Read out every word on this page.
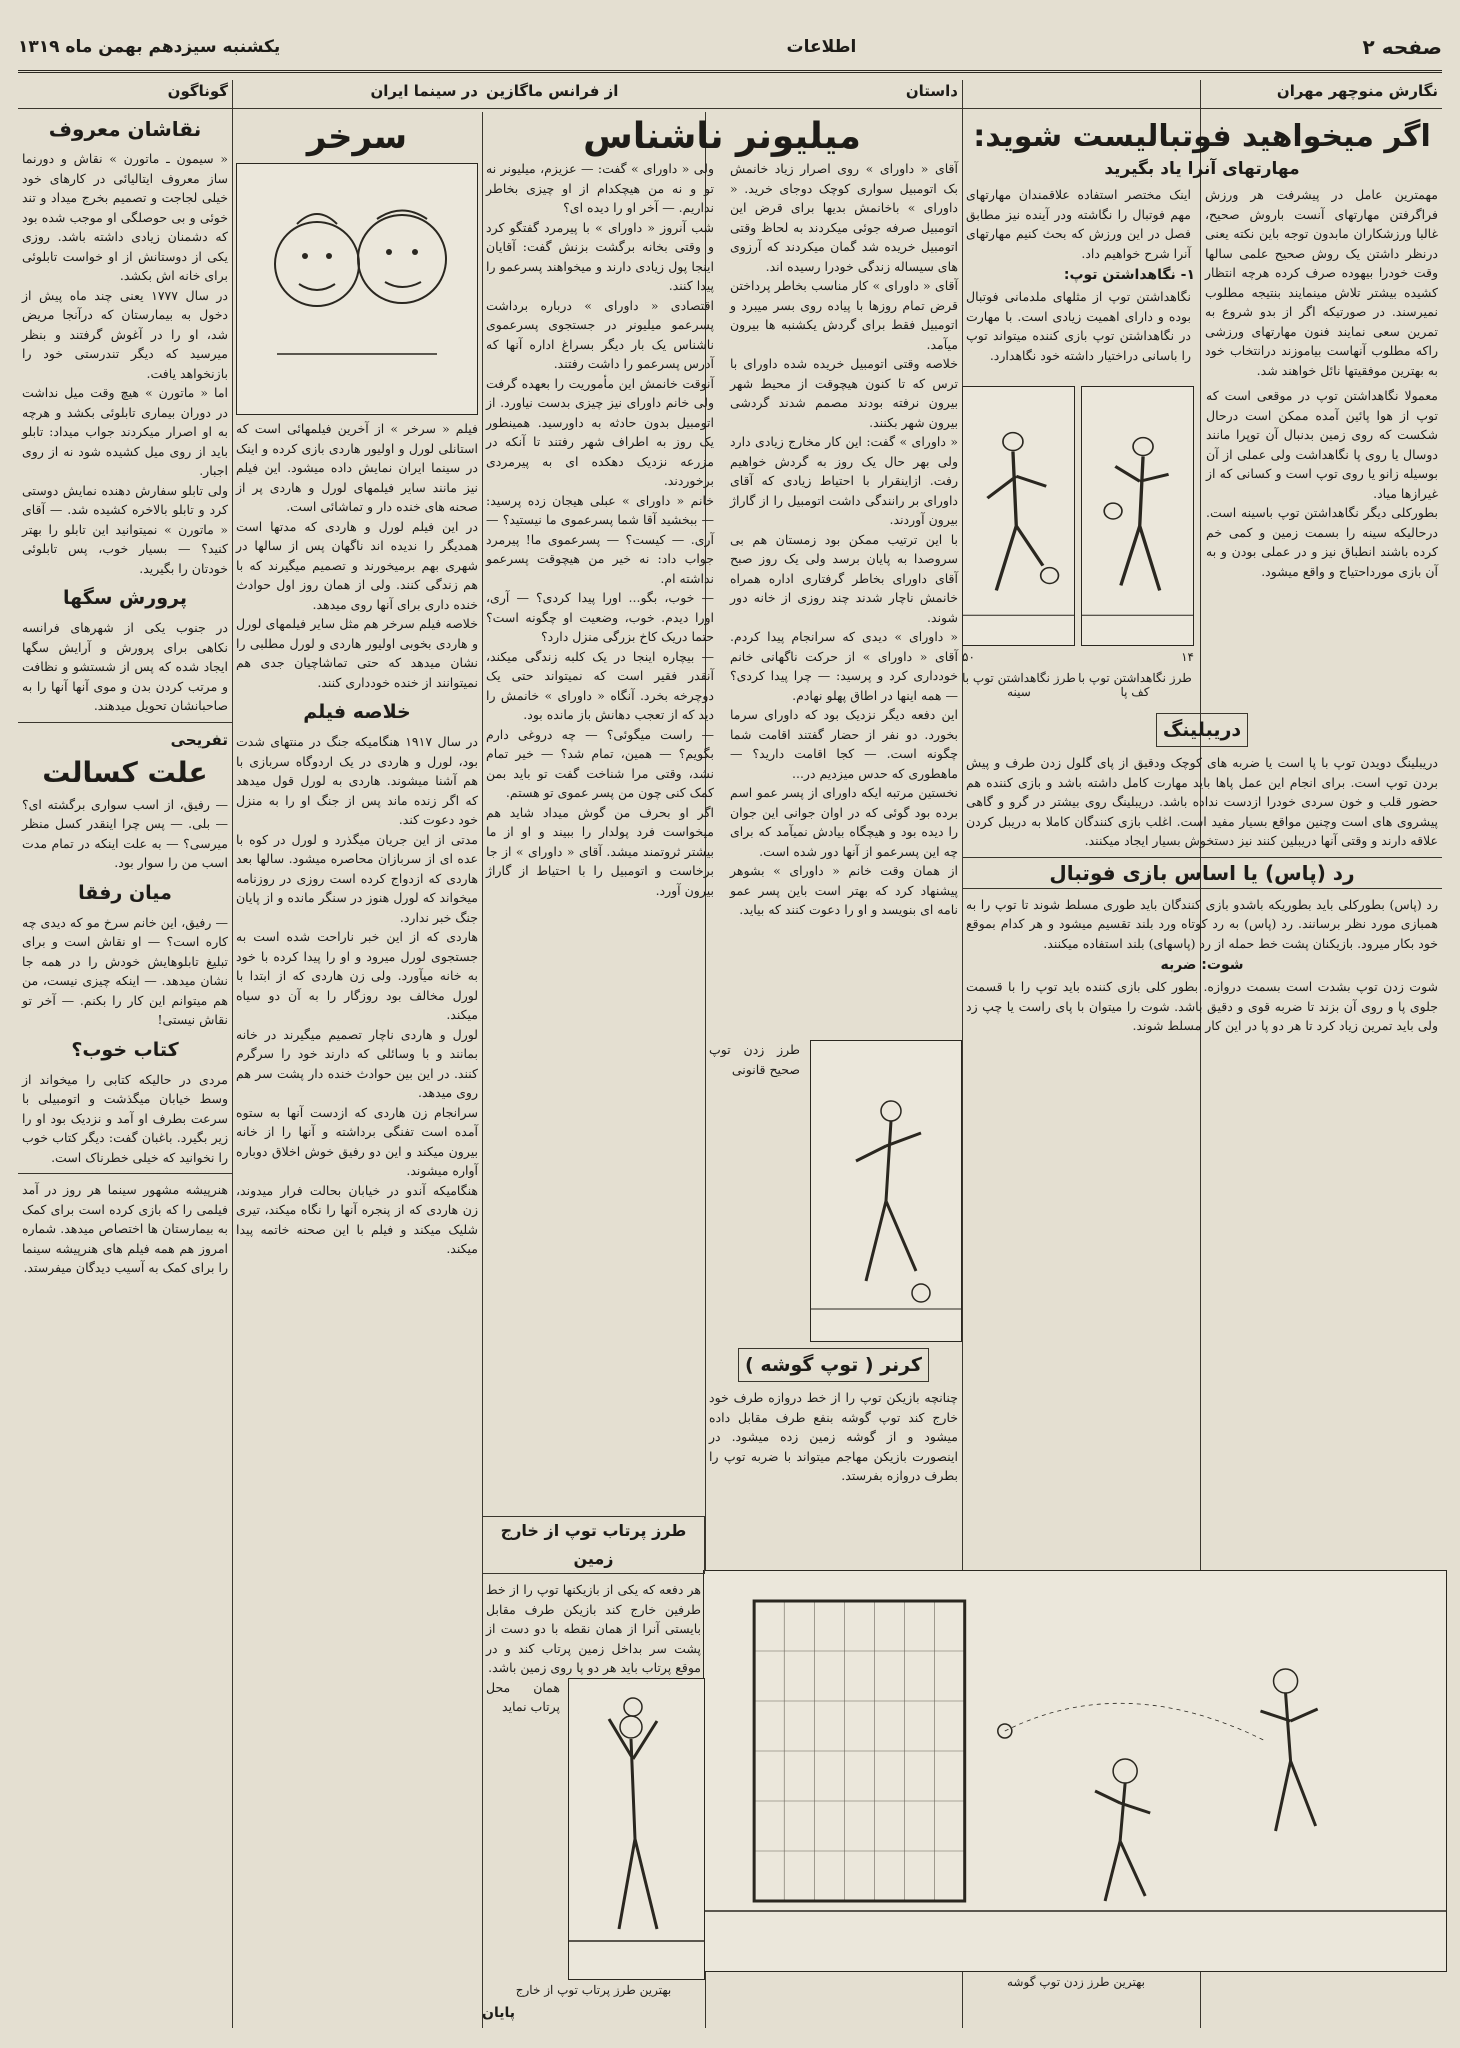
صفحه ۲
اطلاعات
یکشنبه سیزدهم بهمن ماه ۱۳۱۹
نگارش منوچهر مهران
اگر میخواهید فوتبالیست شوید:
مهارتهای آنرا یاد بگیرید
مهمترین عامل در پیشرفت هر ورزش فراگرفتن مهارتهای آنست باروش صحیح، غالبا ورزشکاران مابدون توجه باین نکته یعنی درنظر داشتن یک روش صحیح علمی سالها وقت خودرا بیهوده صرف کرده هرچه انتظار کشیده بیشتر تلاش مینمایند بنتیجه مطلوب نمیرسند. در صورتیکه اگر از بدو شروع به تمرین سعی نمایند فنون مهارتهای ورزشی راکه مطلوب آنهاست بیاموزند درانتخاب خود به بهترین موفقیتها نائل خواهند شد.
اینک مختصر استفاده علاقمندان مهارتهای مهم فوتبال را نگاشته ودر آینده نیز مطابق فصل در این ورزش که بحث کنیم مهارتهای آنرا شرح خواهیم داد.
۱- نگاهداشتن توپ:
نگاهداشتن توپ از مثلهای ملدمانی فوتبال بوده و دارای اهمیت زیادی است. با مهارت در نگاهداشتن توپ بازی کننده میتواند توپ را باسانی دراختیار داشته خود نگاهدارد.
معمولا نگاهداشتن توپ در موقعی است که توپ از هوا پائین آمده ممکن است درحال شکست که روی زمین بدنبال آن توپرا مانند دوسال یا روی پا نگاهداشت ولی عملی از آن بوسیله زانو یا روی توپ است و کسانی که از غیرازها میاد.
بطورکلی دیگر نگاهداشتن توپ باسینه است. درحالیکه سینه را بسمت زمین و کمی خم کرده باشند انطباق نیز و در عملی بودن و به آن بازی مورداحتیاج و واقع میشود.
۱۴
۵۰
طرز نگاهداشتن توپ با کف پا
طرز نگاهداشتن توپ با سینه
دریبلینگ
دریبلینگ دویدن توپ با پا است یا ضربه های کوچک ودقیق از پای گلول زدن طرف و پیش بردن توپ است. برای انجام این عمل پاها باید مهارت کامل داشته باشد و بازی کننده هم حضور قلب و خون سردی خودرا ازدست نداده باشد. دریبلینگ روی بیشتر در گرو و گاهی پیشروی های است وچنین مواقع بسیار مفید است. اغلب بازی کنندگان کاملا به دریبل کردن علاقه دارند و وقتی آنها دریبلین کنند نیز دستخوش بسیار ایجاد میکنند.
رد (پاس) یا اساس بازی فوتبال
رد (پاس) بطورکلی باید بطوریکه باشدو بازی کنندگان باید طوری مسلط شوند تا توپ را به همبازی مورد نظر برسانند. رد (پاس) به رد کوتاه ورد بلند تقسیم میشود و هر کدام بموقع خود بکار میرود. بازیکنان پشت خط حمله از رد (پاسهای) بلند استفاده میکنند.
شوت: ضربه
شوت زدن توپ بشدت است بسمت دروازه. بطور کلی بازی کننده باید توپ را با قسمت جلوی پا و روی آن بزند تا ضربه قوی و دقیق باشد. شوت را میتوان با پای راست یا چپ زد ولی باید تمرین زیاد کرد تا هر دو پا در این کار مسلط شوند.
طرز زدن توپ صحیح قانونی
کرنر ( توپ گوشه )
چنانچه بازیکن توپ را از خط دروازه طرف خود خارج کند توپ گوشه بنفع طرف مقابل داده میشود و از گوشه زمین زده میشود. در اینصورت بازیکن مهاجم میتواند با ضربه توپ را بطرف دروازه بفرستد.
بهترین طرز زدن توپ گوشه
داستان
از فرانس ماگازین
میلیونر ناشناس
آقای « داورای » روی اصرار زیاد خانمش بک اتومبیل سواری کوچک دوجای خرید. « داورای » باخانمش بدیها برای قرض این اتومبیل صرفه جوئی میکردند به لحاظ وقتی اتومبیل خریده شد گمان میکردند که آرزوی های سیساله زندگی خودرا رسیده اند.
آقای « داورای » کار مناسب بخاطر پرداختن قرض تمام روزها با پیاده روی بسر میبرد و اتومبیل فقط برای گردش یکشنبه ها بیرون میآمد.
خلاصه وقتی اتومبیل خریده شده داورای با ترس که تا کنون هیچوقت از محیط شهر بیرون نرفته بودند مصمم شدند گردشی بیرون شهر بکنند.
« داورای » گفت: این کار مخارج زیادی دارد ولی بهر حال یک روز به گردش خواهیم رفت. ازاینقرار با احتیاط زیادی که آقای داورای بر رانندگی داشت اتومبیل را از گاراژ بیرون آوردند.
با این ترتیب ممکن بود زمستان هم بی سروصدا به پایان برسد ولی یک روز صبح آقای داورای بخاطر گرفتاری اداره همراه خانمش ناچار شدند چند روزی از خانه دور شوند.
« داورای » دیدی که سرانجام پیدا کردم. آقای « داورای » از حرکت ناگهانی خانم خودداری کرد و پرسید: — چرا پیدا کردی؟ — همه اینها در اطاق پهلو نهادم.
این دفعه دیگر نزدیک بود که داورای سرما بخورد. دو نفر از حضار گفتند اقامت شما چگونه است. — کجا اقامت دارید؟ — ماهطوری که حدس میزدیم در...
نخستین مرتبه ایکه داورای از پسر عمو اسم برده بود گوئی که در اوان جوانی این جوان را دیده بود و هیچگاه بیادش نمیآمد که برای چه این پسرعمو از آنها دور شده است.
از همان وقت خانم « داورای » بشوهر پیشنهاد کرد که بهتر است باین پسر عمو نامه ای بنویسد و او را دعوت کنند که بیاید.
ولی « داورای » گفت: — عزیزم، میلیونر نه تو و نه من هیچکدام از او چیزی بخاطر نداریم. — آخر او را دیده ای؟
شب آنروز « داورای » با پیرمرد گفتگو کرد و وقتی بخانه برگشت بزنش گفت: آقایان اینجا پول زیادی دارند و میخواهند پسرعمو را پیدا کنند.
اقتصادی « داورای » درباره برداشت پسرعمو میلیونر در جستجوی پسرعموی ناشناس یک بار دیگر بسراغ اداره آنها که آدرس پسرعمو را داشت رفتند.
آنوقت خانمش این مأموریت را بعهده گرفت ولی خانم داورای نیز چیزی بدست نیاورد. از اتومبیل بدون حادثه به داورسید. همینطور یک روز به اطراف شهر رفتند تا آنکه در مزرعه نزدیک دهکده ای به پیرمردی برخوردند.
خانم « داورای » عبلی هیجان زده پرسید: — ببخشید آقا شما پسرعموی ما نیستید؟ — آری. — کیست؟ — پسرعموی ما! پیرمرد جواب داد: نه خیر من هیچوقت پسرعمو نداشته ام.
— خوب، بگو... اورا پیدا کردی؟ — آری، اورا دیدم. خوب، وضعیت او چگونه است؟ حتما دریک کاخ بزرگی منزل دارد؟
— بیچاره اینجا در یک کلبه زندگی میکند، آنقدر فقیر است که نمیتواند حتی یک دوچرخه بخرد. آنگاه « داورای » خانمش را دید که از تعجب دهانش باز مانده بود.
— راست میگوئی؟ — چه دروغی دارم بگویم؟ — همین، تمام شد؟ — خیر تمام نشد، وقتی مرا شناخت گفت تو باید بمن کمک کنی چون من پسر عموی تو هستم.
اگر او بحرف من گوش میداد شاید هم میخواست فرد پولدار را ببیند و او از ما بیشتر ثروتمند میشد. آقای « داورای » از جا برخاست و اتومبیل را با احتیاط از گاراژ بیرون آورد.
طرز پرتاب توپ از خارج زمین
هر دفعه که یکی از بازیکنها توپ را از خط طرفین خارج کند بازیکن طرف مقابل بایستی آنرا از همان نقطه با دو دست از پشت سر بداخل زمین پرتاب کند و در موقع پرتاب باید هر دو پا روی زمین باشد.
همان محل پرتاب نماید
بهترین طرز پرتاب توپ از خارج
پایان
در سینما ایران
سرخر
فیلم « سرخر » از آخرین فیلمهائی است که استانلی لورل و اولیور هاردی بازی کرده و اینک در سینما ایران نمایش داده میشود. این فیلم نیز مانند سایر فیلمهای لورل و هاردی پر از صحنه های خنده دار و تماشائی است.
در این فیلم لورل و هاردی که مدتها است همدیگر را ندیده اند ناگهان پس از سالها در شهری بهم برمیخورند و تصمیم میگیرند که با هم زندگی کنند. ولی از همان روز اول حوادث خنده داری برای آنها روی میدهد.
خلاصه فیلم سرخر هم مثل سایر فیلمهای لورل و هاردی بخوبی اولیور هاردی و لورل مطلبی را نشان میدهد که حتی تماشاچیان جدی هم نمیتوانند از خنده خودداری کنند.
خلاصه فیلم
در سال ۱۹۱۷ هنگامیکه جنگ در منتهای شدت بود، لورل و هاردی در یک اردوگاه سربازی با هم آشنا میشوند. هاردی به لورل قول میدهد که اگر زنده ماند پس از جنگ او را به منزل خود دعوت کند.
مدتی از این جریان میگذرد و لورل در کوه با عده ای از سربازان محاصره میشود. سالها بعد هاردی که ازدواج کرده است روزی در روزنامه میخواند که لورل هنوز در سنگر مانده و از پایان جنگ خبر ندارد.
هاردی که از این خبر ناراحت شده است به جستجوی لورل میرود و او را پیدا کرده با خود به خانه میآورد. ولی زن هاردی که از ابتدا با لورل مخالف بود روزگار را به آن دو سیاه میکند.
لورل و هاردی ناچار تصمیم میگیرند در خانه بمانند و با وسائلی که دارند خود را سرگرم کنند. در این بین حوادث خنده دار پشت سر هم روی میدهد.
سرانجام زن هاردی که ازدست آنها به ستوه آمده است تفنگی برداشته و آنها را از خانه بیرون میکند و این دو رفیق خوش اخلاق دوباره آواره میشوند.
هنگامیکه آندو در خیابان بحالت فرار میدوند، زن هاردی که از پنجره آنها را نگاه میکند، تیری شلیک میکند و فیلم با این صحنه خاتمه پیدا میکند.
گوناگون
نقاشان معروف
« سیمون ـ ماتورن » نقاش و دورنما ساز معروف ایتالیائی در کارهای خود خیلی لجاجت و تصمیم بخرج میداد و تند خوئی و بی حوصلگی او موجب شده بود که دشمنان زیادی داشته باشد. روزی یکی از دوستانش از او خواست تابلوئی برای خانه اش بکشد.
در سال ۱۷۷۷ یعنی چند ماه پیش از دخول به بیمارستان که درآنجا مریض شد، او را در آغوش گرفتند و بنظر میرسید که دیگر تندرستی خود را بازنخواهد یافت.
اما « ماتورن » هیچ وقت میل نداشت در دوران بیماری تابلوئی بکشد و هرچه به او اصرار میکردند جواب میداد: تابلو باید از روی میل کشیده شود نه از روی اجبار.
ولی تابلو سفارش دهنده نمایش دوستی کرد و تابلو بالاخره کشیده شد. — آقای « ماتورن » نمیتوانید این تابلو را بهتر کنید؟ — بسیار خوب، پس تابلوئی خودتان را بگیرید.
پرورش سگها
در جنوب یکی از شهرهای فرانسه نکاهی برای پرورش و آرایش سگها ایجاد شده که پس از شستشو و نظافت و مرتب کردن بدن و موی آنها آنها را به صاحبانشان تحویل میدهند.
تفریحی
علت کسالت
— رفیق، از اسب سواری برگشته ای؟ — بلی. — پس چرا اینقدر کسل منظر میرسی؟ — به علت اینکه در تمام مدت اسب من را سوار بود.
میان رفقا
— رفیق، این خانم سرخ مو که دیدی چه کاره است؟ — او نقاش است و برای تبلیغ تابلوهایش خودش را در همه جا نشان میدهد. — اینکه چیزی نیست، من هم میتوانم این کار را بکنم. — آخر تو نقاش نیستی!
کتاب خوب؟
مردی در حالیکه کتابی را میخواند از وسط خیابان میگذشت و اتومبیلی با سرعت بطرف او آمد و نزدیک بود او را زیر بگیرد. باغبان گفت: دیگر کتاب خوب را نخوانید که خیلی خطرناک است.
هنرپیشه مشهور سینما هر روز در آمد فیلمی را که بازی کرده است برای کمک به بیمارستان ها اختصاص میدهد. شماره امروز هم همه فیلم های هنرپیشه سینما را برای کمک به آسیب دیدگان میفرستد.
